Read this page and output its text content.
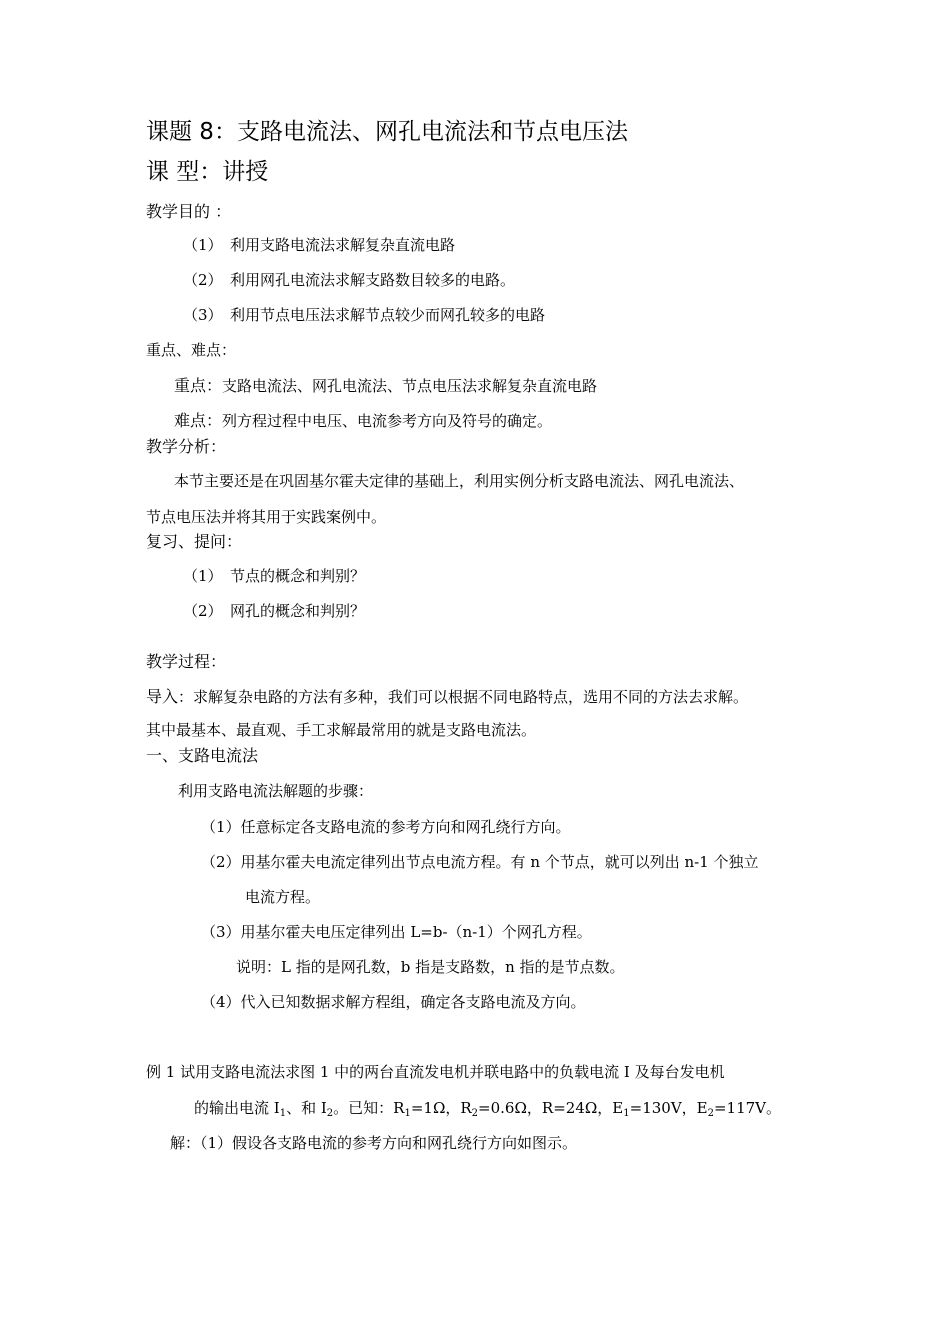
课题 8：支路电流法、网孔电流法和节点电压法
课 型：讲授
教学目的 ：
（1）　利用支路电流法求解复杂直流电路
（2）　利用网孔电流法求解支路数目较多的电路。
（3）　利用节点电压法求解节点较少而网孔较多的电路
重点、难点：
重点：支路电流法、网孔电流法、节点电压法求解复杂直流电路
难点：列方程过程中电压、电流参考方向及符号的确定。
教学分析：
本节主要还是在巩固基尔霍夫定律的基础上，利用实例分析支路电流法、网孔电流法、
节点电压法并将其用于实践案例中。
复习、提问：
（1）　节点的概念和判别？
（2）　网孔的概念和判别？
教学过程：
导入：求解复杂电路的方法有多种，我们可以根据不同电路特点，选用不同的方法去求解。
其中最基本、最直观、手工求解最常用的就是支路电流法。
一、支路电流法
利用支路电流法解题的步骤：
（1）任意标定各支路电流的参考方向和网孔绕行方向。
（2）用基尔霍夫电流定律列出节点电流方程。有 n 个节点，就可以列出 n-1 个独立
电流方程。
（3）用基尔霍夫电压定律列出 L=b-（n-1）个网孔方程。
说明：L 指的是网孔数，b 指是支路数，n 指的是节点数。
（4）代入已知数据求解方程组，确定各支路电流及方向。
例 1 试用支路电流法求图 1 中的两台直流发电机并联电路中的负载电流 I 及每台发电机
的输出电流 $I_1$、和 $I_2$。已知：$R_1=1\Omega$，$R_2=0.6\Omega$，R=24Ω，$E_1=130V$，$E_2=117V$。
解：（1）假设各支路电流的参考方向和网孔绕行方向如图示。
